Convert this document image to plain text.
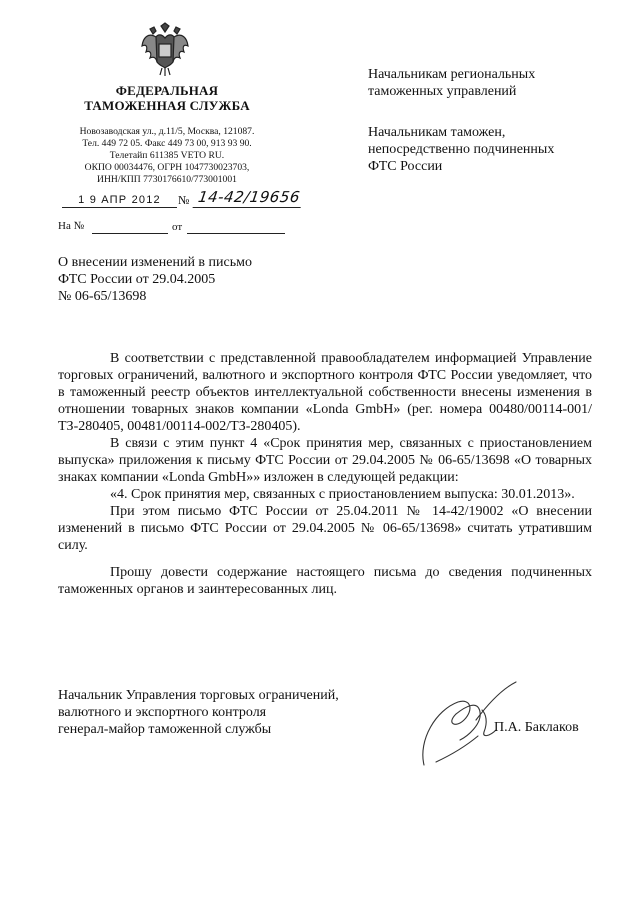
ФЕДЕРАЛЬНАЯ
ТАМОЖЕННАЯ СЛУЖБА
Новозаводская ул., д.11/5, Москва, 121087.
Тел. 449 72 05. Факс 449 73 00, 913 93 90.
Телетайп 611385 VETO RU.
ОКПО 00034476, ОГРН 1047730023703,
ИНН/КПП 7730176610/773001001
1 9 АПР 2012	№ 14-42/19656
На №	от
Начальникам региональных
таможенных управлений
Начальникам таможен,
непосредственно подчиненных
ФТС России
О внесении изменений в письмо
ФТС России от 29.04.2005
№ 06-65/13698

В соответствии с представленной правообладателем информацией Управление торговых ограничений, валютного и экспортного контроля ФТС России уведомляет, что в таможенный реестр объектов интеллектуальной собственности внесены изменения в отношении товарных знаков компании «Londa GmbH» (рег. номера 00480/00114-001/ТЗ-280405, 00481/00114-002/ТЗ-280405).

В связи с этим пункт 4 «Срок принятия мер, связанных с приостановлением выпуска» приложения к письму ФТС России от 29.04.2005 № 06-65/13698 «О товарных знаках компании «Londa GmbH»» изложен в следующей редакции:

«4. Срок принятия мер, связанных с приостановлением выпуска: 30.01.2013».

При этом письмо ФТС России от 25.04.2011 № 14-42/19002 «О внесении изменений в письмо ФТС России от 29.04.2005 № 06-65/13698» считать утратившим силу.

Прошу довести содержание настоящего письма до сведения подчиненных таможенных органов и заинтересованных лиц.

Начальник Управления торговых ограничений,
валютного и экспортного контроля
генерал-майор таможенной службы	П.А. Баклаков
